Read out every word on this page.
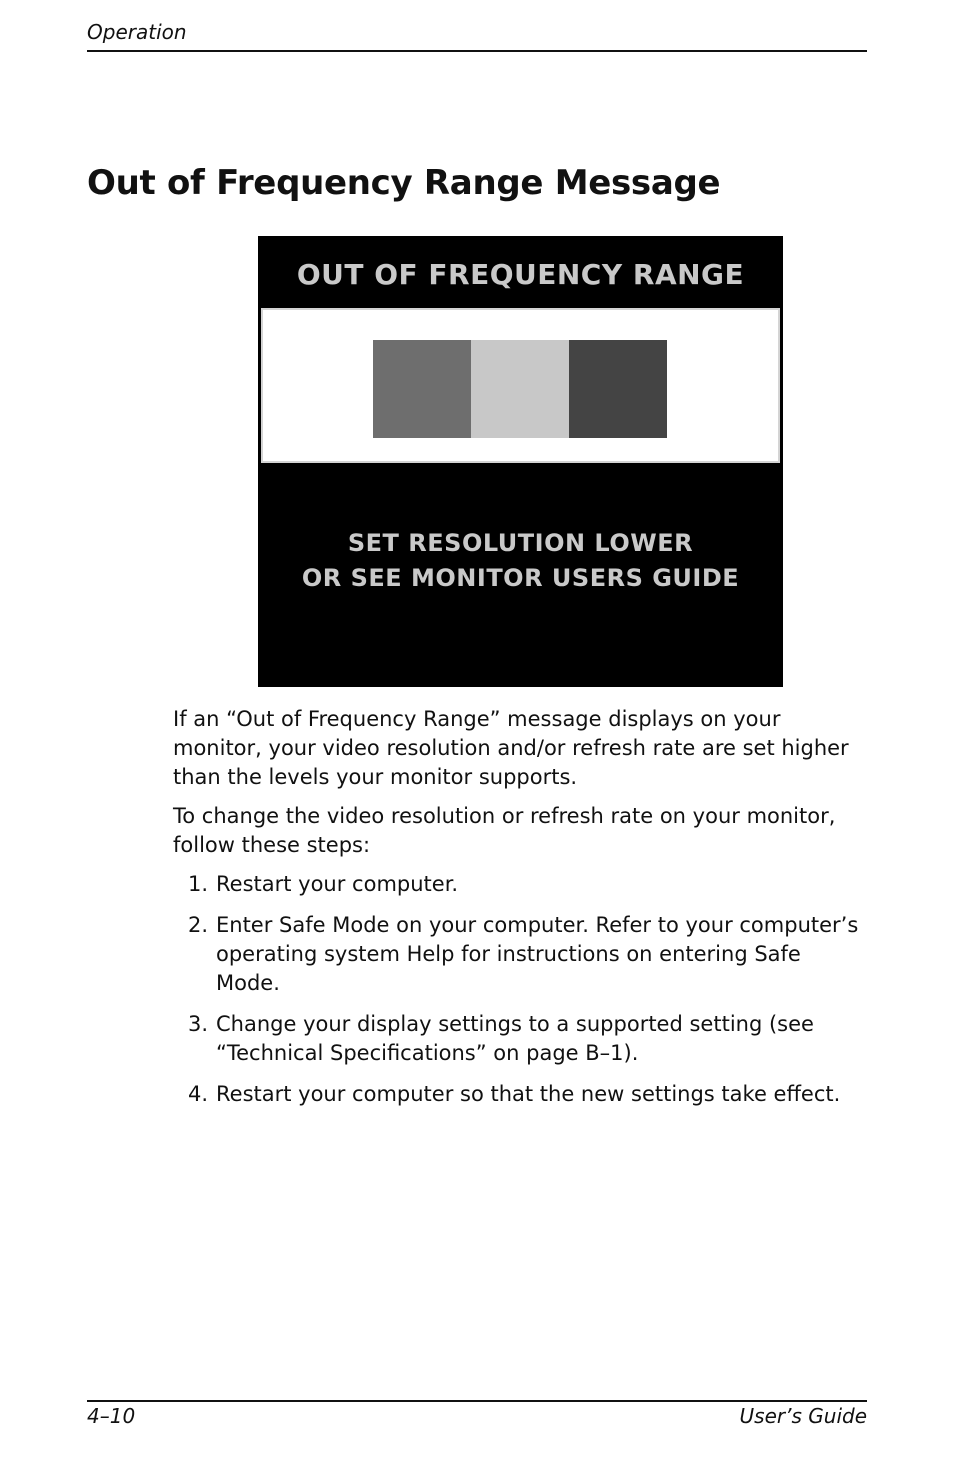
Operation
Out of Frequency Range Message
OUT OF FREQUENCY RANGE
SET RESOLUTION LOWER
OR SEE MONITOR USERS GUIDE

If an “Out of Frequency Range” message displays on your monitor, your video resolution and/or refresh rate are set higher than the levels your monitor supports.

To change the video resolution or refresh rate on your monitor, follow these steps:

1. Restart your computer.
2. Enter Safe Mode on your computer. Refer to your computer’s operating system Help for instructions on entering Safe Mode.
3. Change your display settings to a supported setting (see “Technical Specifications” on page B–1).
4. Restart your computer so that the new settings take effect.
4–10	User’s Guide
